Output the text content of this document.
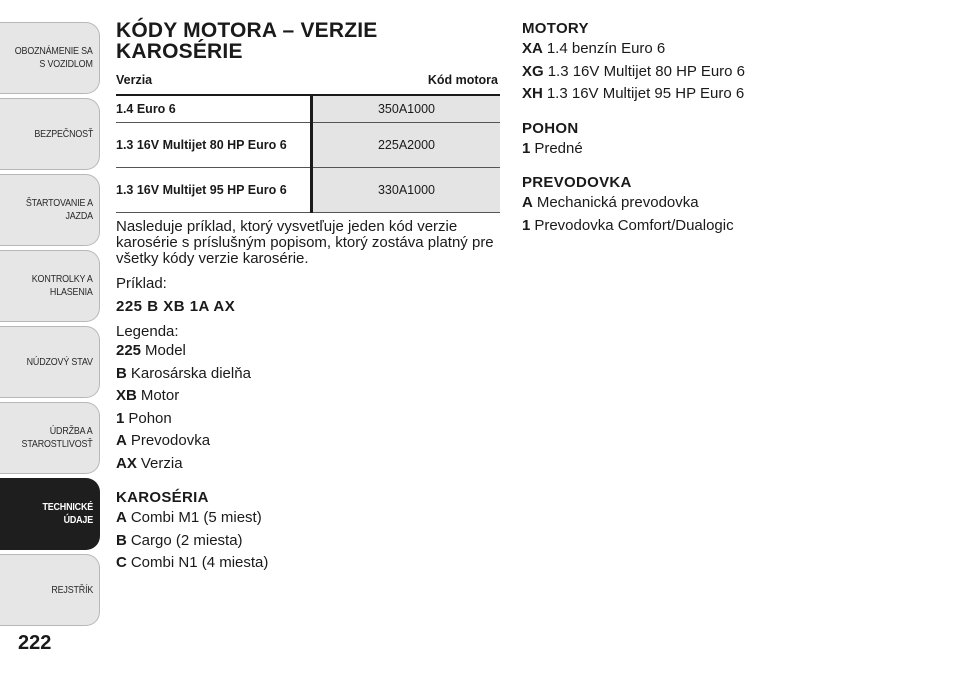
OBOZNÁMENIE SA
S VOZIDLOM
BEZPEČNOSŤ
ŠTARTOVANIE A
JAZDA
KONTROLKY A
HLASENIA
NÚDZOVÝ STAV
ÚDRŽBA A
STAROSTLIVOSŤ
TECHNICKÉ ÚDAJE
REJSTŘÍK
222
KÓDY MOTORA – VERZIE
KAROSÉRIE
Verzia	Kód motora
1.4 Euro 6	350A1000
1.3 16V Multijet 80 HP Euro 6	225A2000
1.3 16V Multijet 95 HP Euro 6	330A1000

Nasleduje príklad, ktorý vysvetľuje jeden kód verzie karosérie s príslušným popisom, ktorý zostáva platný pre všetky kódy verzie karosérie.

Príklad:
225 B XB 1A AX
Legenda:
225 Model
B Karosárska dielňa
XB Motor
1 Pohon
A Prevodovka
AX Verzia
KAROSÉRIA
A Combi M1 (5 miest)
B Cargo (2 miesta)
C Combi N1 (4 miesta)
MOTORY
XA 1.4 benzín Euro 6
XG 1.3 16V Multijet 80 HP Euro 6
XH 1.3 16V Multijet 95 HP Euro 6
POHON
1 Predné
PREVODOVKA
A Mechanická prevodovka
1 Prevodovka Comfort/Dualogic
